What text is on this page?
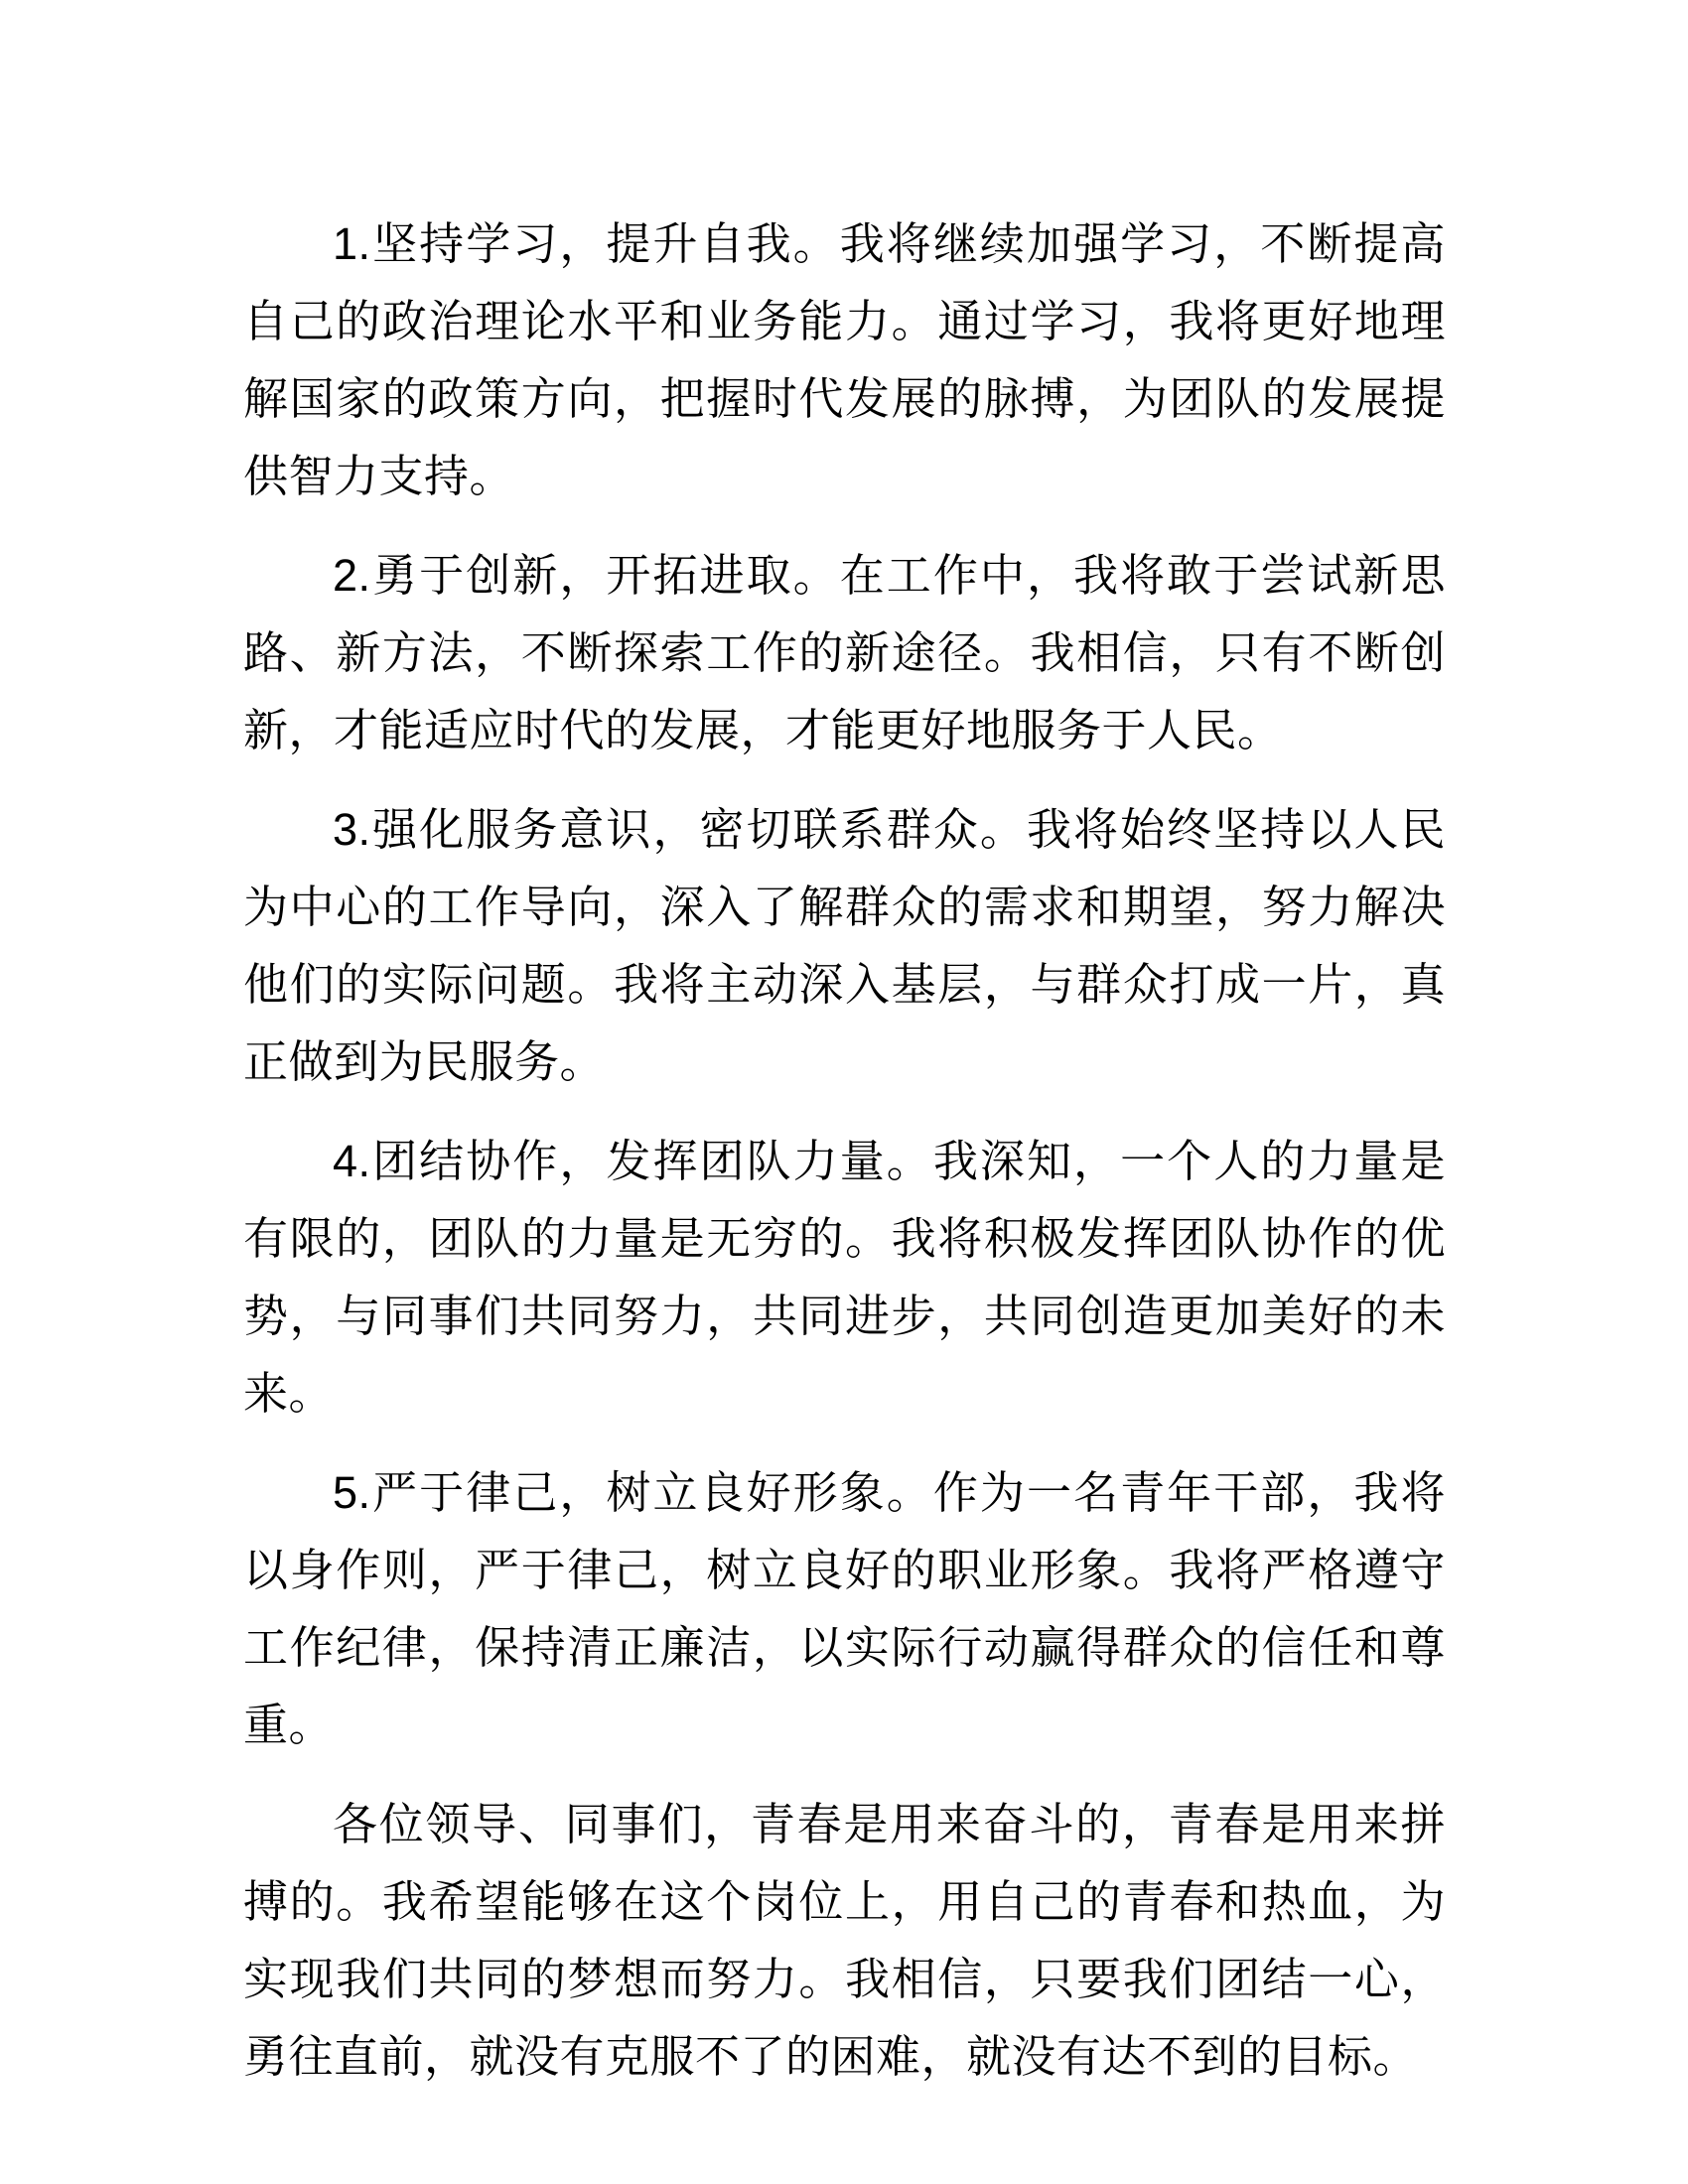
1.坚持学习，提升自我。我将继续加强学习，不断提高自己的政治理论水平和业务能力。通过学习，我将更好地理解国家的政策方向，把握时代发展的脉搏，为团队的发展提供智力支持。

2.勇于创新，开拓进取。在工作中，我将敢于尝试新思路、新方法，不断探索工作的新途径。我相信，只有不断创新，才能适应时代的发展，才能更好地服务于人民。

3.强化服务意识，密切联系群众。我将始终坚持以人民为中心的工作导向，深入了解群众的需求和期望，努力解决他们的实际问题。我将主动深入基层，与群众打成一片，真正做到为民服务。

4.团结协作，发挥团队力量。我深知，一个人的力量是有限的，团队的力量是无穷的。我将积极发挥团队协作的优势，与同事们共同努力，共同进步，共同创造更加美好的未来。

5.严于律己，树立良好形象。作为一名青年干部，我将以身作则，严于律己，树立良好的职业形象。我将严格遵守工作纪律，保持清正廉洁，以实际行动赢得群众的信任和尊重。

各位领导、同事们，青春是用来奋斗的，青春是用来拼搏的。我希望能够在这个岗位上，用自己的青春和热血，为实现我们共同的梦想而努力。我相信，只要我们团结一心，勇往直前，就没有克服不了的困难，就没有达不到的目标。
